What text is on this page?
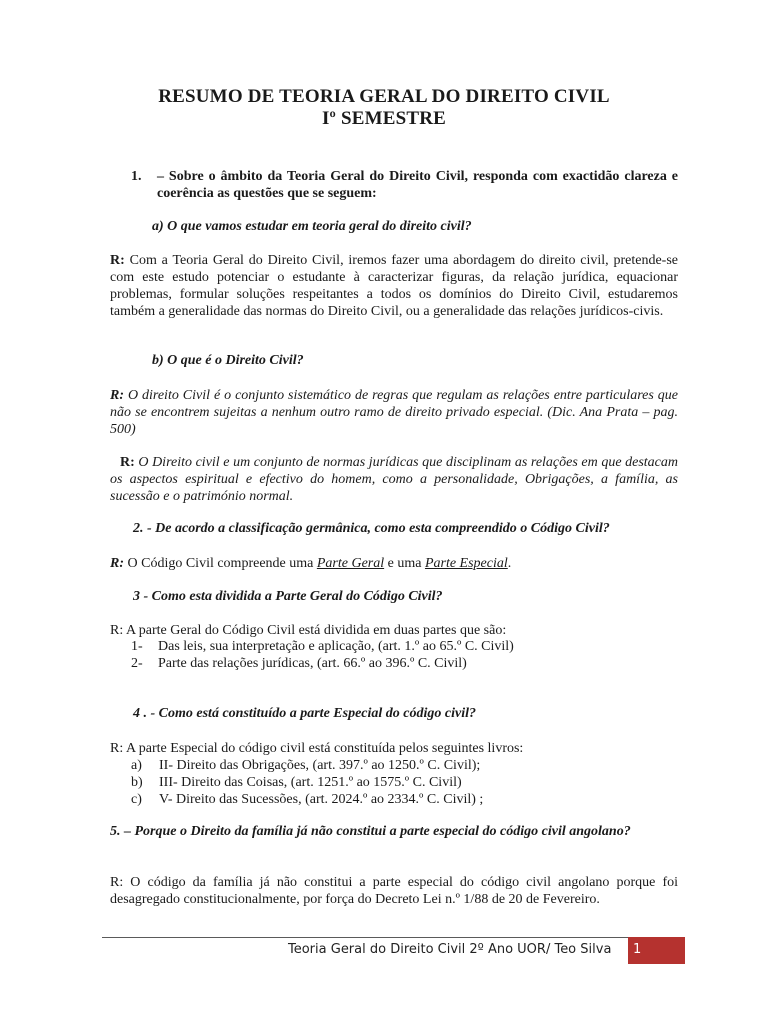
RESUMO DE TEORIA GERAL DO DIREITO CIVIL
Iº SEMESTRE
1.	– Sobre o âmbito da Teoria Geral do Direito Civil, responda com exactidão clareza e coerência as questões que se seguem:
a) O que vamos estudar em teoria geral do direito civil?
R: Com a Teoria Geral do Direito Civil, iremos fazer uma abordagem do direito civil, pretende-se com este estudo potenciar o estudante à caracterizar figuras, da relação jurídica, equacionar problemas, formular soluções respeitantes a todos os domínios do Direito Civil, estudaremos também a generalidade das normas do Direito Civil, ou a generalidade das relações jurídicos-civis.
b) O que é o Direito Civil?
R: O direito Civil é o conjunto sistemático de regras que regulam as relações entre particulares que não se encontrem sujeitas a nenhum outro ramo de direito privado especial. (Dic. Ana Prata – pag. 500)
R: O Direito civil e um conjunto de normas jurídicas que disciplinam as relações em que destacam os aspectos espiritual e efectivo do homem, como a personalidade, Obrigações, a família, as sucessão e o património normal.
2. - De acordo a classificação germânica, como esta compreendido o Código Civil?
R: O Código Civil compreende uma Parte Geral e uma Parte Especial.
3 - Como esta dividida a Parte Geral do Código Civil?
R: A parte Geral do Código Civil está dividida em duas partes que são:
1-	Das leis, sua interpretação e aplicação, (art. 1.º ao 65.º C. Civil)
2-	Parte das relações jurídicas, (art. 66.º ao 396.º C. Civil)
4 . - Como está constituído a parte Especial do código civil?
R: A parte Especial do código civil está constituída pelos seguintes livros:
a)	II- Direito das Obrigações, (art. 397.º ao 1250.º C. Civil);
b)	III- Direito das Coisas, (art. 1251.º ao 1575.º C. Civil)
c)	V- Direito das Sucessões, (art. 2024.º ao 2334.º C. Civil) ;
5. – Porque o Direito da família já não constitui a parte especial do código civil angolano?
R: O código da família já não constitui a parte especial do código civil angolano porque foi desagregado constitucionalmente, por força do Decreto Lei n.º 1/88 de 20 de Fevereiro.
Teoria Geral do Direito Civil 2º Ano UOR/ Teo Silva 1
